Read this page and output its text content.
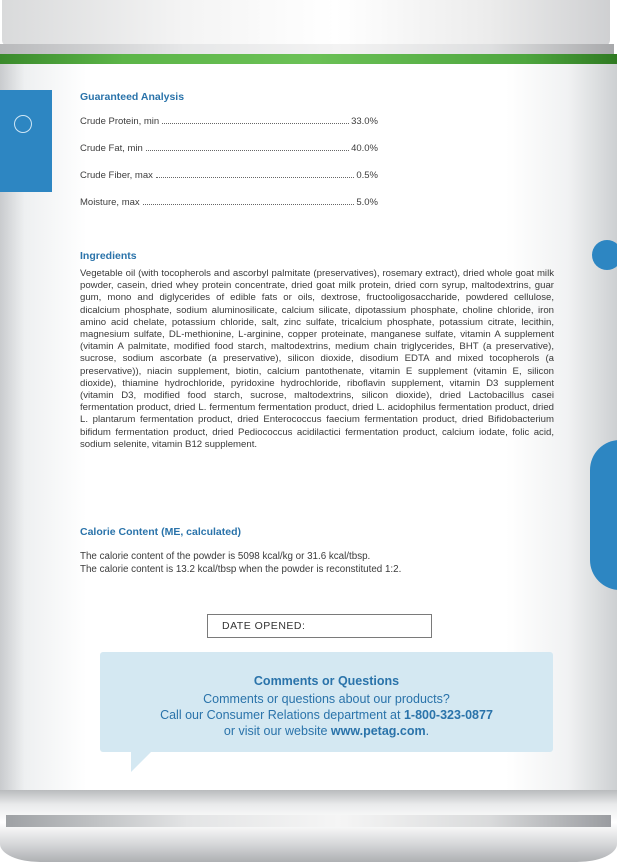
Guaranteed Analysis
Crude Protein, min	33.0%
Crude Fat, min	40.0%
Crude Fiber, max	0.5%
Moisture, max	5.0%
Ingredients
Vegetable oil (with tocopherols and ascorbyl palmitate (preservatives), rosemary extract), dried whole goat milk powder, casein, dried whey protein concentrate, dried goat milk protein, dried corn syrup, maltodextrins, guar gum, mono and diglycerides of edible fats or oils, dextrose, fructooligosaccharide, powdered cellulose, dicalcium phosphate, sodium aluminosilicate, calcium silicate, dipotassium phosphate, choline chloride, iron amino acid chelate, potassium chloride, salt, zinc sulfate, tricalcium phosphate, potassium citrate, lecithin, magnesium sulfate, DL-methionine, L-arginine, copper proteinate, manganese sulfate, vitamin A supplement (vitamin A palmitate, modified food starch, maltodextrins, medium chain triglycerides, BHT (a preservative), sucrose, sodium ascorbate (a preservative), silicon dioxide, disodium EDTA and mixed tocopherols (a preservative)), niacin supplement, biotin, calcium pantothenate, vitamin E supplement (vitamin E, silicon dioxide), thiamine hydrochloride, pyridoxine hydrochloride, riboflavin supplement, vitamin D3 supplement (vitamin D3, modified food starch, sucrose, maltodextrins, silicon dioxide), dried Lactobacillus casei fermentation product, dried L. fermentum fermentation product, dried L. acidophilus fermentation product, dried L. plantarum fermentation product, dried Enterococcus faecium fermentation product, dried Bifidobacterium bifidum fermentation product, dried Pediococcus acidilactici fermentation product, calcium iodate, folic acid, sodium selenite, vitamin B12 supplement.
Calorie Content (ME, calculated)
The calorie content of the powder is 5098 kcal/kg or 31.6 kcal/tbsp.
The calorie content is 13.2 kcal/tbsp when the powder is reconstituted 1:2.
DATE OPENED:
Comments or Questions
Comments or questions about our products?
Call our Consumer Relations department at 1-800-323-0877
or visit our website www.petag.com.
